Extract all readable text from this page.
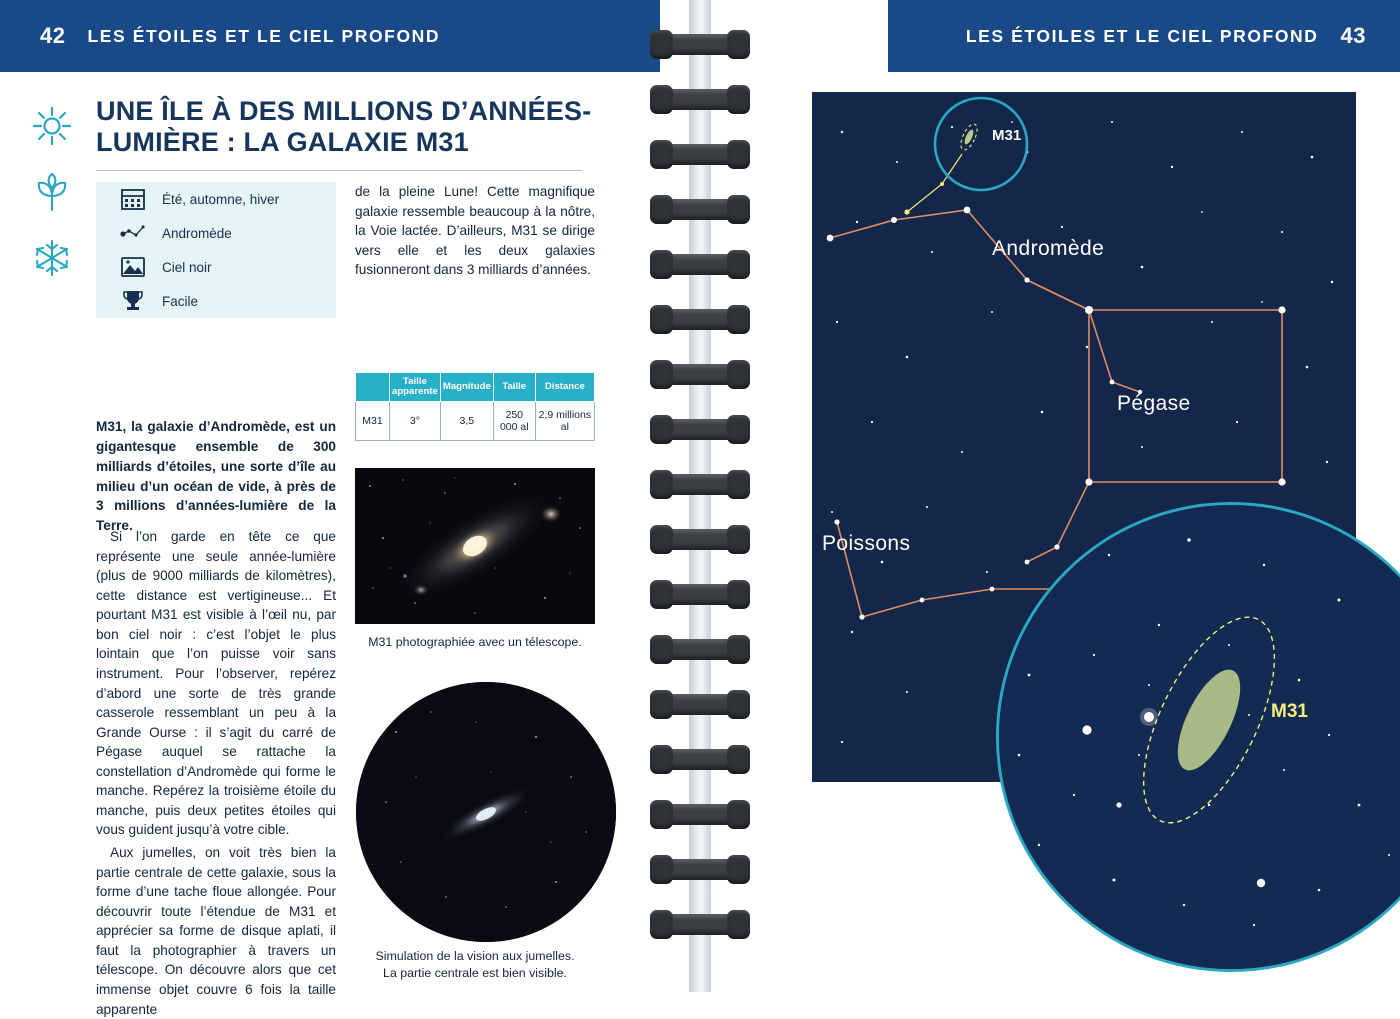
42 LES ÉTOILES ET LE CIEL PROFOND	LES ÉTOILES ET LE CIEL PROFOND 43
UNE ÎLE À DES MILLIONS D’ANNÉES-LUMIÈRE : LA GALAXIE M31
Été, automne, hiver
Andromède
Ciel noir
Facile
de la pleine Lune! Cette magnifique galaxie ressemble beaucoup à la nôtre, la Voie lactée. D’ailleurs, M31 se dirige vers elle et les deux galaxies fusionneront dans 3 milliards d’années.
	Taille apparente	Magnitude	Taille	Distance
M31	3°	3,5	250 000 al	2,9 millions al
M31 photographiée avec un télescope.
Simulation de la vision aux jumelles.
La partie centrale est bien visible.
M31, la galaxie d’Andromède, est un gigantesque ensemble de 300 milliards d’étoiles, une sorte d’île au milieu d’un océan de vide, à près de 3 millions d’années-lumière de la Terre.

Si l’on garde en tête ce que représente une seule année-lumière (plus de 9000 milliards de kilomètres), cette distance est vertigineuse... Et pourtant M31 est visible à l’œil nu, par bon ciel noir : c’est l’objet le plus lointain que l’on puisse voir sans instrument. Pour l’observer, repérez d’abord une sorte de très grande casserole ressemblant un peu à la Grande Ourse : il s’agit du carré de Pégase auquel se rattache la constellation d’Andromède qui forme le manche. Repérez la troisième étoile du manche, puis deux petites étoiles qui vous guident jusqu’à votre cible.

Aux jumelles, on voit très bien la partie centrale de cette galaxie, sous la forme d’une tache floue allongée. Pour découvrir toute l’étendue de M31 et apprécier sa forme de disque aplati, il faut la photographier à travers un télescope. On découvre alors que cet immense objet couvre 6 fois la taille apparente

Andromède
Pégase
Poissons
M31
M31
